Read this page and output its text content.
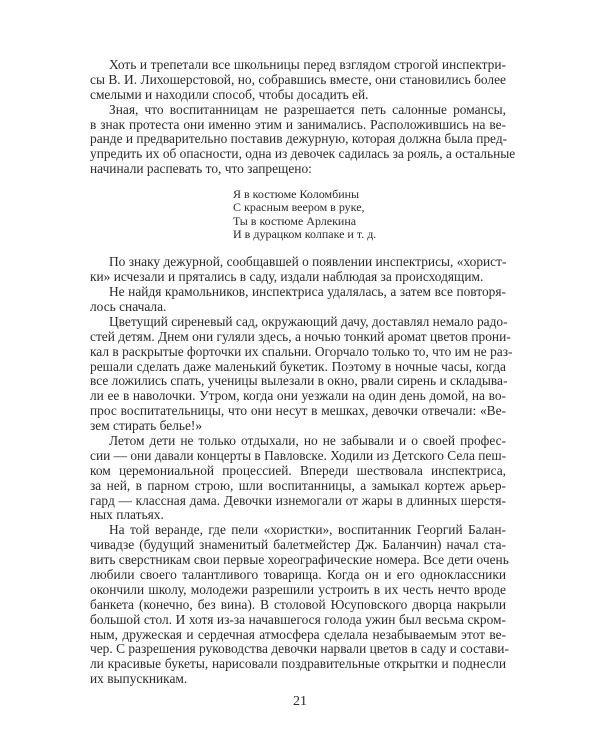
Хоть и трепетали все школьницы перед взглядом строгой инспектри-
сы В. И. Лихошерстовой, но, собравшись вместе, они становились более
смелыми и находили способ, чтобы досадить ей.
Зная, что воспитанницам не разрешается петь салонные романсы,
в знак протеста они именно этим и занимались. Расположившись на ве-
ранде и предварительно поставив дежурную, которая должна была пред-
упредить их об опасности, одна из девочек садилась за рояль, а остальные
начинали распевать то, что запрещено:
Я в костюме Коломбины
С красным веером в руке,
Ты в костюме Арлекина
И в дурацком колпаке и т. д.
По знаку дежурной, сообщавшей о появлении инспектрисы, «хорист-
ки» исчезали и прятались в саду, издали наблюдая за происходящим.
Не найдя крамольников, инспектриса удалялась, а затем все повторя-
лось сначала.
Цветущий сиреневый сад, окружающий дачу, доставлял немало радо-
стей детям. Днем они гуляли здесь, а ночью тонкий аромат цветов прони-
кал в раскрытые форточки их спальни. Огорчало только то, что им не раз-
решали сделать даже маленький букетик. Поэтому в ночные часы, когда
все ложились спать, ученицы вылезали в окно, рвали сирень и складыва-
ли ее в наволочки. Утром, когда они уезжали на один день домой, на во-
прос воспитательницы, что они несут в мешках, девочки отвечали: «Ве-
зем стирать белье!»
Летом дети не только отдыхали, но не забывали и о своей профес-
сии — они давали концерты в Павловске. Ходили из Детского Села пеш-
ком церемониальной процессией. Впереди шествовала инспектриса,
за ней, в парном строю, шли воспитанницы, а замыкал кортеж арьер-
гард — классная дама. Девочки изнемогали от жары в длинных шерстя-
ных платьях.
На той веранде, где пели «хористки», воспитанник Георгий Балан-
чивадзе (будущий знаменитый балетмейстер Дж. Баланчин) начал ста-
вить сверстникам свои первые хореографические номера. Все дети очень
любили своего талантливого товарища. Когда он и его одноклассники
окончили школу, молодежи разрешили устроить в их честь нечто вроде
банкета (конечно, без вина). В столовой Юсуповского дворца накрыли
большой стол. И хотя из-за начавшегося голода ужин был весьма скром-
ным, дружеская и сердечная атмосфера сделала незабываемым этот ве-
чер. С разрешения руководства девочки нарвали цветов в саду и состави-
ли красивые букеты, нарисовали поздравительные открытки и поднесли
их выпускникам.
21
